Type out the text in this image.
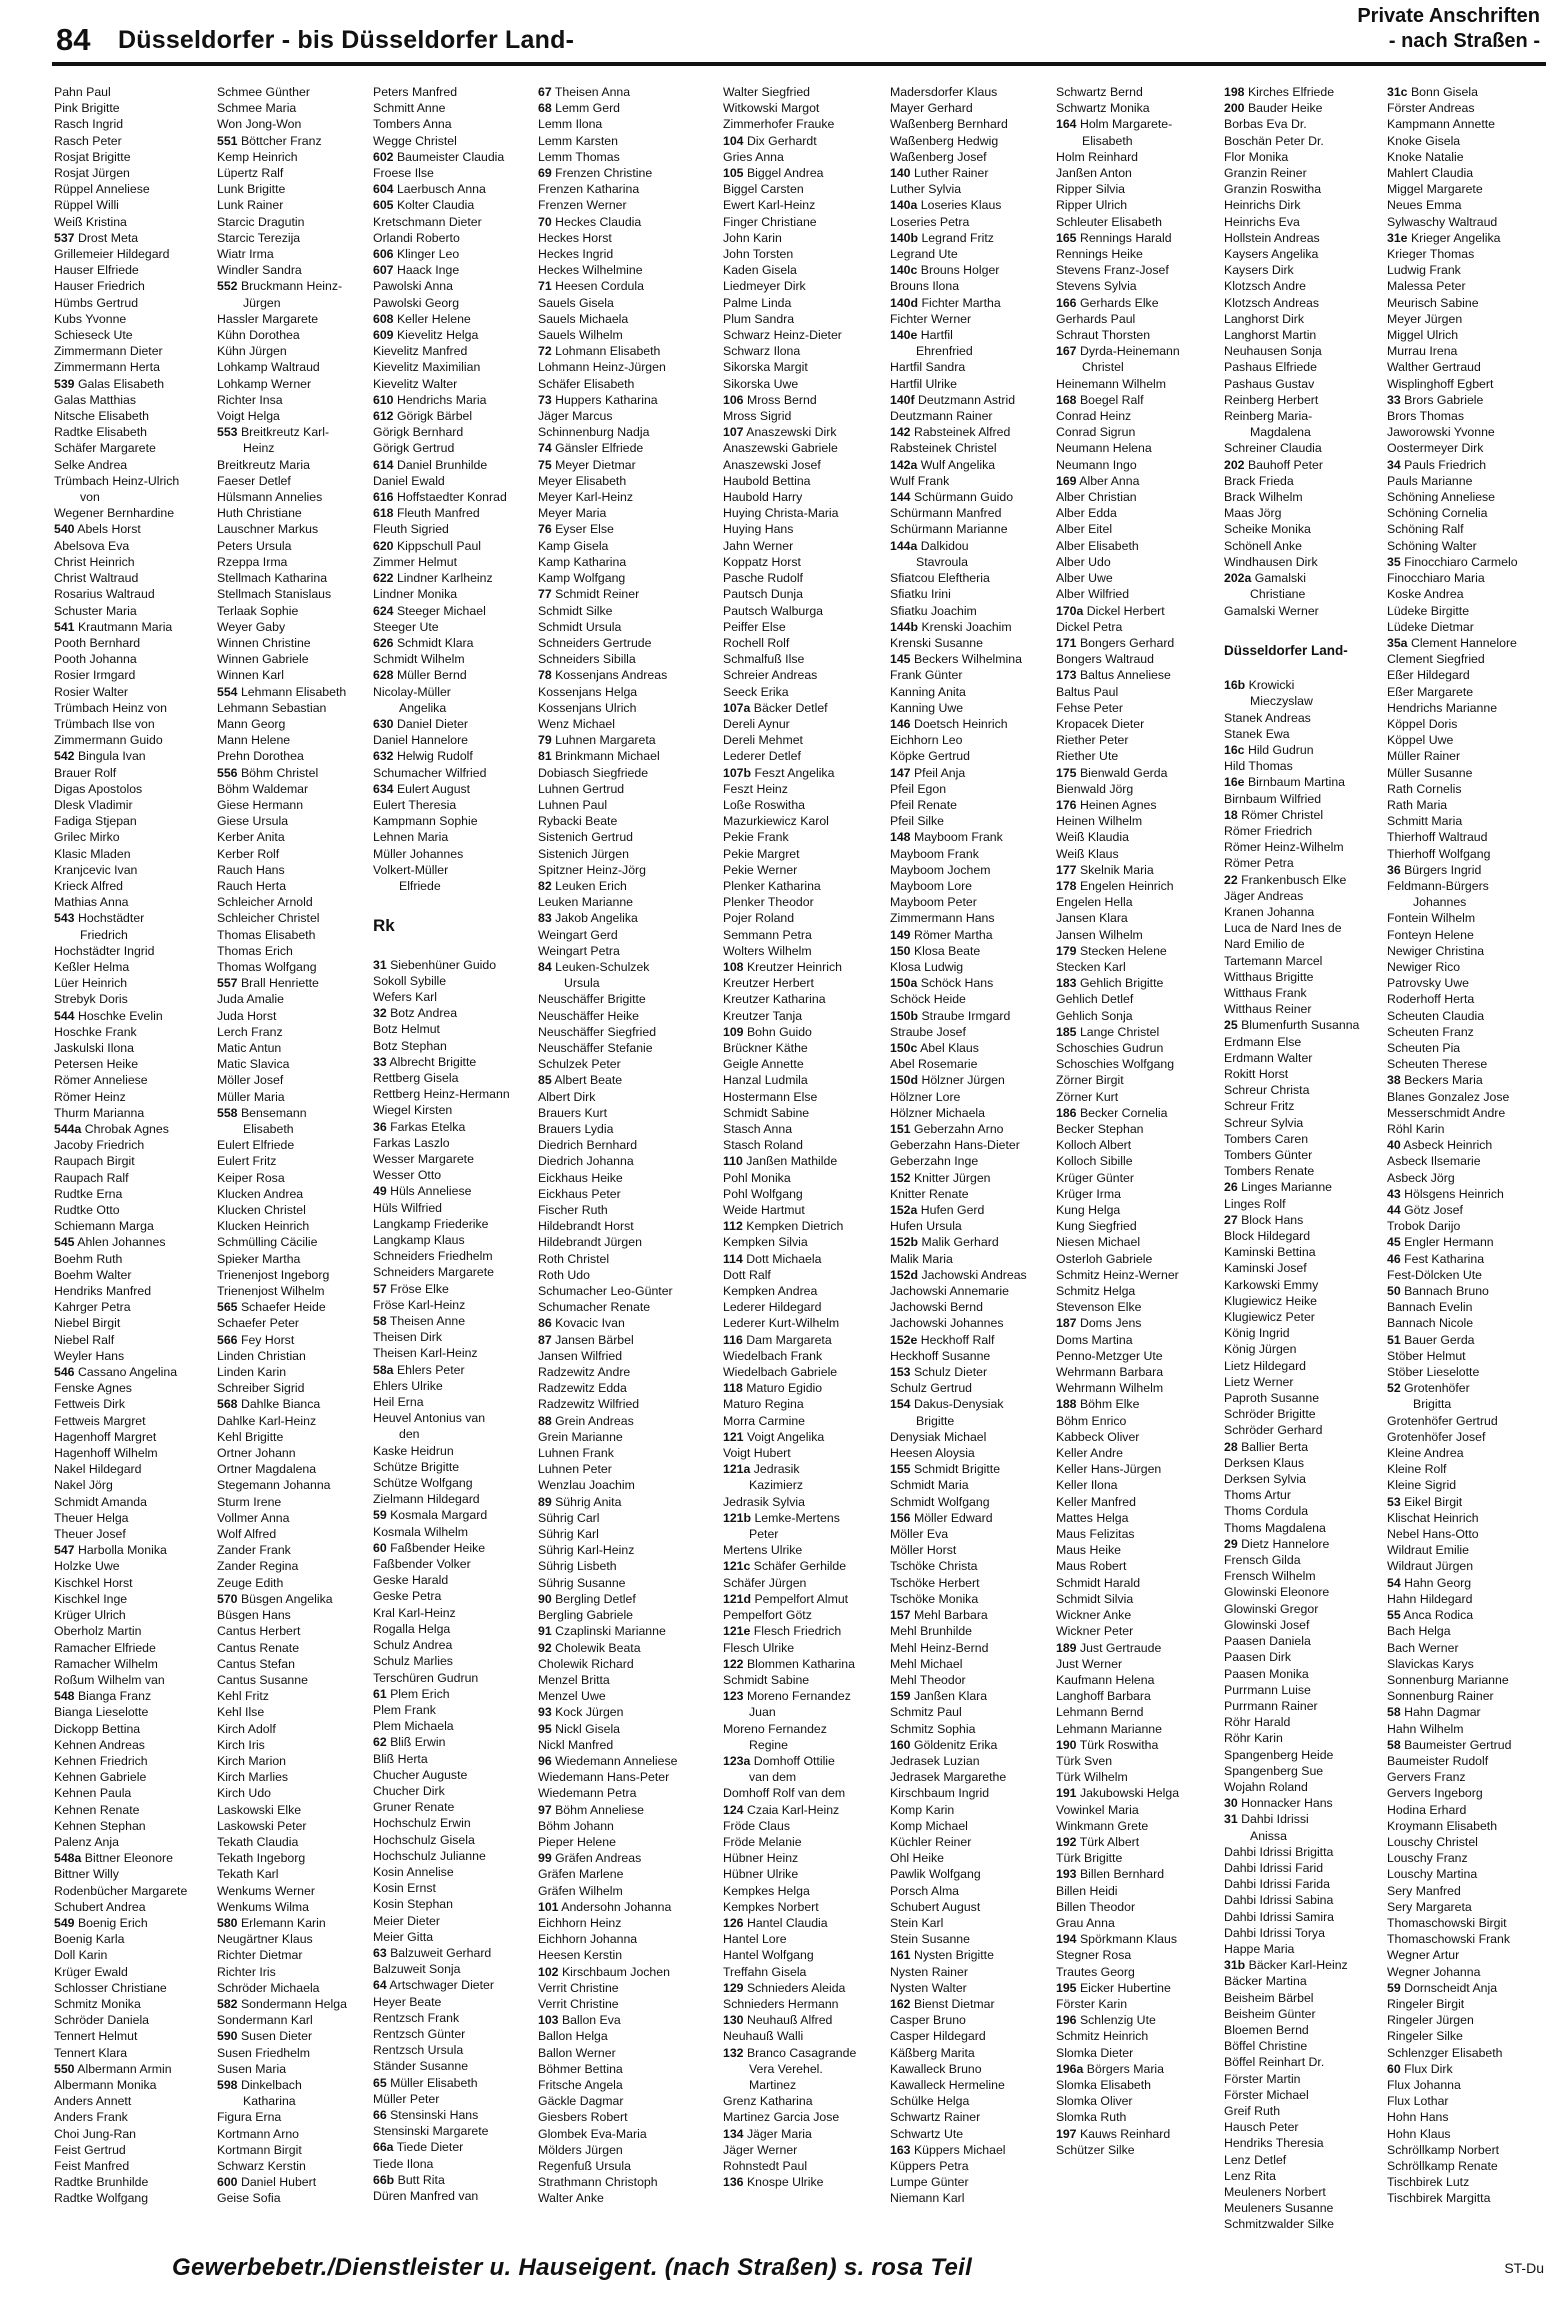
84 Düsseldorfer - bis Düsseldorfer Land-
Private Anschriften
- nach Straßen -
Pahn Paul
Pink Brigitte
Rasch Ingrid
Rasch Peter
Rosjat Brigitte
Rosjat Jürgen
Rüppel Anneliese
Rüppel Willi
Weiß Kristina
537 Drost Meta
Grillemeier Hildegard
Hauser Elfriede
Hauser Friedrich
Hümbs Gertrud
Kubs Yvonne
Schieseck Ute
Zimmermann Dieter
Zimmermann Herta
539 Galas Elisabeth
Galas Matthias
Nitsche Elisabeth
Radtke Elisabeth
Schäfer Margarete
Selke Andrea
Trümbach Heinz-Ulrich
von
Wegener Bernhardine
540 Abels Horst
Abelsova Eva
Christ Heinrich
Christ Waltraud
Rosarius Waltraud
Schuster Maria
541 Krautmann Maria
Pooth Bernhard
Pooth Johanna
Rosier Irmgard
Rosier Walter
Trümbach Heinz von
Trümbach Ilse von
Zimmermann Guido
542 Bingula Ivan
Brauer Rolf
Digas Apostolos
Dlesk Vladimir
Fadiga Stjepan
Grilec Mirko
Klasic Mladen
Kranjcevic Ivan
Krieck Alfred
Mathias Anna
543 Hochstädter
Friedrich
Hochstädter Ingrid
Keßler Helma
Lüer Heinrich
Strebyk Doris
544 Hoschke Evelin
Hoschke Frank
Jaskulski Ilona
Petersen Heike
Römer Anneliese
Römer Heinz
Thurm Marianna
544a Chrobak Agnes
Jacoby Friedrich
Raupach Birgit
Raupach Ralf
Rudtke Erna
Rudtke Otto
Schiemann Marga
545 Ahlen Johannes
Boehm Ruth
Boehm Walter
Hendriks Manfred
Kahrger Petra
Niebel Birgit
Niebel Ralf
Weyler Hans
546 Cassano Angelina
Fenske Agnes
Fettweis Dirk
Fettweis Margret
Hagenhoff Margret
Hagenhoff Wilhelm
Nakel Hildegard
Nakel Jörg
Schmidt Amanda
Theuer Helga
Theuer Josef
547 Harbolla Monika
Holzke Uwe
Kischkel Horst
Kischkel Inge
Krüger Ulrich
Oberholz Martin
Ramacher Elfriede
Ramacher Wilhelm
Roßum Wilhelm van
548 Bianga Franz
Bianga Lieselotte
Dickopp Bettina
Kehnen Andreas
Kehnen Friedrich
Kehnen Gabriele
Kehnen Paula
Kehnen Renate
Kehnen Stephan
Palenz Anja
548a Bittner Eleonore
Bittner Willy
Rodenbücher Margarete
Schubert Andrea
549 Boenig Erich
Boenig Karla
Doll Karin
Krüger Ewald
Schlosser Christiane
Schmitz Monika
Schröder Daniela
Tennert Helmut
Tennert Klara
550 Albermann Armin
Albermann Monika
Anders Annett
Anders Frank
Choi Jung-Ran
Feist Gertrud
Feist Manfred
Radtke Brunhilde
Radtke Wolfgang
Schmee Günther
Schmee Maria
Won Jong-Won
551 Böttcher Franz
Kemp Heinrich
Lüpertz Ralf
Lunk Brigitte
Lunk Rainer
Starcic Dragutin
Starcic Terezija
Wiatr Irma
Windler Sandra
552 Bruckmann Heinz-
Jürgen
Hassler Margarete
Kühn Dorothea
Kühn Jürgen
Lohkamp Waltraud
Lohkamp Werner
Richter Insa
Voigt Helga
553 Breitkreutz Karl-
Heinz
Breitkreutz Maria
Faeser Detlef
Hülsmann Annelies
Huth Christiane
Lauschner Markus
Peters Ursula
Rzeppa Irma
Stellmach Katharina
Stellmach Stanislaus
Terlaak Sophie
Weyer Gaby
Winnen Christine
Winnen Gabriele
Winnen Karl
554 Lehmann Elisabeth
Lehmann Sebastian
Mann Georg
Mann Helene
Prehn Dorothea
556 Böhm Christel
Böhm Waldemar
Giese Hermann
Giese Ursula
Kerber Anita
Kerber Rolf
Rauch Hans
Rauch Herta
Schleicher Arnold
Schleicher Christel
Thomas Elisabeth
Thomas Erich
Thomas Wolfgang
557 Brall Henriette
Juda Amalie
Juda Horst
Lerch Franz
Matic Antun
Matic Slavica
Möller Josef
Müller Maria
558 Bensemann
Elisabeth
Eulert Elfriede
Eulert Fritz
Keiper Rosa
Klucken Andrea
Klucken Christel
Klucken Heinrich
Schmülling Cäcilie
Spieker Martha
Trienenjost Ingeborg
Trienenjost Wilhelm
565 Schaefer Heide
Schaefer Peter
566 Fey Horst
Linden Christian
Linden Karin
Schreiber Sigrid
568 Dahlke Bianca
Dahlke Karl-Heinz
Kehl Brigitte
Ortner Johann
Ortner Magdalena
Stegemann Johanna
Sturm Irene
Vollmer Anna
Wolf Alfred
Zander Frank
Zander Regina
Zeuge Edith
570 Büsgen Angelika
Büsgen Hans
Cantus Herbert
Cantus Renate
Cantus Stefan
Cantus Susanne
Kehl Fritz
Kehl Ilse
Kirch Adolf
Kirch Iris
Kirch Marion
Kirch Marlies
Kirch Udo
Laskowski Elke
Laskowski Peter
Tekath Claudia
Tekath Ingeborg
Tekath Karl
Wenkums Werner
Wenkums Wilma
580 Erlemann Karin
Neugärtner Klaus
Richter Dietmar
Richter Iris
Schröder Michaela
582 Sondermann Helga
Sondermann Karl
590 Susen Dieter
Susen Friedhelm
Susen Maria
598 Dinkelbach
Katharina
Figura Erna
Kortmann Arno
Kortmann Birgit
Schwarz Kerstin
600 Daniel Hubert
Geise Sofia
Peters Manfred
Schmitt Anne
Tombers Anna
Wegge Christel
602 Baumeister Claudia
Froese Ilse
604 Laerbusch Anna
605 Kolter Claudia
Kretschmann Dieter
Orlandi Roberto
606 Klinger Leo
607 Haack Inge
Pawolski Anna
Pawolski Georg
608 Keller Helene
609 Kievelitz Helga
Kievelitz Manfred
Kievelitz Maximilian
Kievelitz Walter
610 Hendrichs Maria
612 Görigk Bärbel
Görigk Bernhard
Görigk Gertrud
614 Daniel Brunhilde
Daniel Ewald
616 Hoffstaedter Konrad
618 Fleuth Manfred
Fleuth Sigried
620 Kippschull Paul
Zimmer Helmut
622 Lindner Karlheinz
Lindner Monika
624 Steeger Michael
Steeger Ute
626 Schmidt Klara
Schmidt Wilhelm
628 Müller Bernd
Nicolay-Müller
Angelika
630 Daniel Dieter
Daniel Hannelore
632 Helwig Rudolf
Schumacher Wilfried
634 Eulert August
Eulert Theresia
Kampmann Sophie
Lehnen Maria
Müller Johannes
Volkert-Müller
Elfriede

Rk

31 Siebenhüner Guido
Sokoll Sybille
Wefers Karl
32 Botz Andrea
Botz Helmut
Botz Stephan
33 Albrecht Brigitte
Rettberg Gisela
Rettberg Heinz-Hermann
Wiegel Kirsten
36 Farkas Etelka
Farkas Laszlo
Wesser Margarete
Wesser Otto
49 Hüls Anneliese
Hüls Wilfried
Langkamp Friederike
Langkamp Klaus
Schneiders Friedhelm
Schneiders Margarete
57 Fröse Elke
Fröse Karl-Heinz
58 Theisen Anne
Theisen Dirk
Theisen Karl-Heinz
58a Ehlers Peter
Ehlers Ulrike
Heil Erna
Heuvel Antonius van
den
Kaske Heidrun
Schütze Brigitte
Schütze Wolfgang
Zielmann Hildegard
59 Kosmala Margard
Kosmala Wilhelm
60 Faßbender Heike
Faßbender Volker
Geske Harald
Geske Petra
Kral Karl-Heinz
Rogalla Helga
Schulz Andrea
Schulz Marlies
Terschüren Gudrun
61 Plem Erich
Plem Frank
Plem Michaela
62 Bliß Erwin
Bliß Herta
Chucher Auguste
Chucher Dirk
Gruner Renate
Hochschulz Erwin
Hochschulz Gisela
Hochschulz Julianne
Kosin Annelise
Kosin Ernst
Kosin Stephan
Meier Dieter
Meier Gitta
63 Balzuweit Gerhard
Balzuweit Sonja
64 Artschwager Dieter
Heyer Beate
Rentzsch Frank
Rentzsch Günter
Rentzsch Ursula
Ständer Susanne
65 Müller Elisabeth
Müller Peter
66 Stensinski Hans
Stensinski Margarete
66a Tiede Dieter
Tiede Ilona
66b Butt Rita
Düren Manfred van
67 Theisen Anna
68 Lemm Gerd
Lemm Ilona
Lemm Karsten
Lemm Thomas
69 Frenzen Christine
Frenzen Katharina
Frenzen Werner
70 Heckes Claudia
Heckes Horst
Heckes Ingrid
Heckes Wilhelmine
71 Heesen Cordula
Sauels Gisela
Sauels Michaela
Sauels Wilhelm
72 Lohmann Elisabeth
Lohmann Heinz-Jürgen
Schäfer Elisabeth
73 Huppers Katharina
Jäger Marcus
Schinnenburg Nadja
74 Gänsler Elfriede
75 Meyer Dietmar
Meyer Elisabeth
Meyer Karl-Heinz
Meyer Maria
76 Eyser Else
Kamp Gisela
Kamp Katharina
Kamp Wolfgang
77 Schmidt Reiner
Schmidt Silke
Schmidt Ursula
Schneiders Gertrude
Schneiders Sibilla
78 Kossenjans Andreas
Kossenjans Helga
Kossenjans Ulrich
Wenz Michael
79 Luhnen Margareta
81 Brinkmann Michael
Dobiasch Siegfriede
Luhnen Gertrud
Luhnen Paul
Rybacki Beate
Sistenich Gertrud
Sistenich Jürgen
Spitzner Heinz-Jörg
82 Leuken Erich
Leuken Marianne
83 Jakob Angelika
Weingart Gerd
Weingart Petra
84 Leuken-Schulzek
Ursula
Neuschäffer Brigitte
Neuschäffer Heike
Neuschäffer Siegfried
Neuschäffer Stefanie
Schulzek Peter
85 Albert Beate
Albert Dirk
Brauers Kurt
Brauers Lydia
Diedrich Bernhard
Diedrich Johanna
Eickhaus Heike
Eickhaus Peter
Fischer Ruth
Hildebrandt Horst
Hildebrandt Jürgen
Roth Christel
Roth Udo
Schumacher Leo-Günter
Schumacher Renate
86 Kovacic Ivan
87 Jansen Bärbel
Jansen Wilfried
Radzewitz Andre
Radzewitz Edda
Radzewitz Wilfried
88 Grein Andreas
Grein Marianne
Luhnen Frank
Luhnen Peter
Wenzlau Joachim
89 Sührig Anita
Sührig Carl
Sührig Karl
Sührig Karl-Heinz
Sührig Lisbeth
Sührig Susanne
90 Bergling Detlef
Bergling Gabriele
91 Czaplinski Marianne
92 Cholewik Beata
Cholewik Richard
Menzel Britta
Menzel Uwe
93 Kock Jürgen
95 Nickl Gisela
Nickl Manfred
96 Wiedemann Anneliese
Wiedemann Hans-Peter
Wiedemann Petra
97 Böhm Anneliese
Böhm Johann
Pieper Helene
99 Gräfen Andreas
Gräfen Marlene
Gräfen Wilhelm
101 Andersohn Johanna
Eichhorn Heinz
Eichhorn Johanna
Heesen Kerstin
102 Kirschbaum Jochen
Verrit Christine
Verrit Christine
103 Ballon Eva
Ballon Helga
Ballon Werner
Böhmer Bettina
Fritsche Angela
Gäckle Dagmar
Giesbers Robert
Glombek Eva-Maria
Mölders Jürgen
Regenfuß Ursula
Strathmann Christoph
Walter Anke
Walter Siegfried
Witkowski Margot
Zimmerhofer Frauke
104 Dix Gerhardt
Gries Anna
105 Biggel Andrea
Biggel Carsten
Ewert Karl-Heinz
Finger Christiane
John Karin
John Torsten
Kaden Gisela
Liedmeyer Dirk
Palme Linda
Plum Sandra
Schwarz Heinz-Dieter
Schwarz Ilona
Sikorska Margit
Sikorska Uwe
106 Mross Bernd
Mross Sigrid
107 Anaszewski Dirk
Anaszewski Gabriele
Anaszewski Josef
Haubold Bettina
Haubold Harry
Huying Christa-Maria
Huying Hans
Jahn Werner
Koppatz Horst
Pasche Rudolf
Pautsch Dunja
Pautsch Walburga
Peiffer Else
Rochell Rolf
Schmalfuß Ilse
Schreier Andreas
Seeck Erika
107a Bäcker Detlef
Dereli Aynur
Dereli Mehmet
Lederer Detlef
107b Feszt Angelika
Feszt Heinz
Loße Roswitha
Mazurkiewicz Karol
Pekie Frank
Pekie Margret
Pekie Werner
Plenker Katharina
Plenker Theodor
Pojer Roland
Semmann Petra
Wolters Wilhelm
108 Kreutzer Heinrich
Kreutzer Herbert
Kreutzer Katharina
Kreutzer Tanja
109 Bohn Guido
Brückner Käthe
Geigle Annette
Hanzal Ludmila
Hostermann Else
Schmidt Sabine
Stasch Anna
Stasch Roland
110 Janßen Mathilde
Pohl Monika
Pohl Wolfgang
Weide Hartmut
112 Kempken Dietrich
Kempken Silvia
114 Dott Michaela
Dott Ralf
Kempken Andrea
Lederer Hildegard
Lederer Kurt-Wilhelm
116 Dam Margareta
Wiedelbach Frank
Wiedelbach Gabriele
118 Maturo Egidio
Maturo Regina
Morra Carmine
121 Voigt Angelika
Voigt Hubert
121a Jedrasik
Kazimierz
Jedrasik Sylvia
121b Lemke-Mertens
Peter
Mertens Ulrike
121c Schäfer Gerhilde
Schäfer Jürgen
121d Pempelfort Almut
Pempelfort Götz
121e Flesch Friedrich
Flesch Ulrike
122 Blommen Katharina
Schmidt Sabine
123 Moreno Fernandez
Juan
Moreno Fernandez
Regine
123a Domhoff Ottilie
van dem
Domhoff Rolf van dem
124 Czaia Karl-Heinz
Fröde Claus
Fröde Melanie
Hübner Heinz
Hübner Ulrike
Kempkes Helga
Kempkes Norbert
126 Hantel Claudia
Hantel Lore
Hantel Wolfgang
Treffahn Gisela
129 Schnieders Aleida
Schnieders Hermann
130 Neuhauß Alfred
Neuhauß Walli
132 Branco Casagrande
Vera Verehel.
Martinez
Grenz Katharina
Martinez Garcia Jose
134 Jäger Maria
Jäger Werner
Rohnstedt Paul
136 Knospe Ulrike
Madersdorfer Klaus
Mayer Gerhard
Waßenberg Bernhard
Waßenberg Hedwig
Waßenberg Josef
140 Luther Rainer
Luther Sylvia
140a Loseries Klaus
Loseries Petra
140b Legrand Fritz
Legrand Ute
140c Brouns Holger
Brouns Ilona
140d Fichter Martha
Fichter Werner
140e Hartfil
Ehrenfried
Hartfil Sandra
Hartfil Ulrike
140f Deutzmann Astrid
Deutzmann Rainer
142 Rabsteinek Alfred
Rabsteinek Christel
142a Wulf Angelika
Wulf Frank
144 Schürmann Guido
Schürmann Manfred
Schürmann Marianne
144a Dalkidou
Stavroula
Sfiatcou Eleftheria
Sfiatku Irini
Sfiatku Joachim
144b Krenski Joachim
Krenski Susanne
145 Beckers Wilhelmina
Frank Günter
Kanning Anita
Kanning Uwe
146 Doetsch Heinrich
Eichhorn Leo
Köpke Gertrud
147 Pfeil Anja
Pfeil Egon
Pfeil Renate
Pfeil Silke
148 Mayboom Frank
Mayboom Frank
Mayboom Jochem
Mayboom Lore
Mayboom Peter
Zimmermann Hans
149 Römer Martha
150 Klosa Beate
Klosa Ludwig
150a Schöck Hans
Schöck Heide
150b Straube Irmgard
Straube Josef
150c Abel Klaus
Abel Rosemarie
150d Hölzner Jürgen
Hölzner Lore
Hölzner Michaela
151 Geberzahn Arno
Geberzahn Hans-Dieter
Geberzahn Inge
152 Knitter Jürgen
Knitter Renate
152a Hufen Gerd
Hufen Ursula
152b Malik Gerhard
Malik Maria
152d Jachowski Andreas
Jachowski Annemarie
Jachowski Bernd
Jachowski Johannes
152e Heckhoff Ralf
Heckhoff Susanne
153 Schulz Dieter
Schulz Gertrud
154 Dakus-Denysiak
Brigitte
Denysiak Michael
Heesen Aloysia
155 Schmidt Brigitte
Schmidt Maria
Schmidt Wolfgang
156 Möller Edward
Möller Eva
Möller Horst
Tschöke Christa
Tschöke Herbert
Tschöke Monika
157 Mehl Barbara
Mehl Brunhilde
Mehl Heinz-Bernd
Mehl Michael
Mehl Theodor
159 Janßen Klara
Schmitz Paul
Schmitz Sophia
160 Göldenitz Erika
Jedrasek Luzian
Jedrasek Margarethe
Kirschbaum Ingrid
Komp Karin
Komp Michael
Küchler Reiner
Ohl Heike
Pawlik Wolfgang
Porsch Alma
Schubert August
Stein Karl
Stein Susanne
161 Nysten Brigitte
Nysten Rainer
Nysten Walter
162 Bienst Dietmar
Casper Bruno
Casper Hildegard
Käßberg Marita
Kawalleck Bruno
Kawalleck Hermeline
Schülke Helga
Schwartz Rainer
Schwartz Ute
163 Küppers Michael
Küppers Petra
Lumpe Günter
Niemann Karl
Schwartz Bernd
Schwartz Monika
164 Holm Margarete-
Elisabeth
Holm Reinhard
Janßen Anton
Ripper Silvia
Ripper Ulrich
Schleuter Elisabeth
165 Rennings Harald
Rennings Heike
Stevens Franz-Josef
Stevens Sylvia
166 Gerhards Elke
Gerhards Paul
Schraut Thorsten
167 Dyrda-Heinemann
Christel
Heinemann Wilhelm
168 Boegel Ralf
Conrad Heinz
Conrad Sigrun
Neumann Helena
Neumann Ingo
169 Alber Anna
Alber Christian
Alber Edda
Alber Eitel
Alber Elisabeth
Alber Udo
Alber Uwe
Alber Wilfried
170a Dickel Herbert
Dickel Petra
171 Bongers Gerhard
Bongers Waltraud
173 Baltus Anneliese
Baltus Paul
Fehse Peter
Kropacek Dieter
Riether Peter
Riether Ute
175 Bienwald Gerda
Bienwald Jörg
176 Heinen Agnes
Heinen Wilhelm
Weiß Klaudia
Weiß Klaus
177 Skelnik Maria
178 Engelen Heinrich
Engelen Hella
Jansen Klara
Jansen Wilhelm
179 Stecken Helene
Stecken Karl
183 Gehlich Brigitte
Gehlich Detlef
Gehlich Sonja
185 Lange Christel
Schoschies Gudrun
Schoschies Wolfgang
Zörner Birgit
Zörner Kurt
186 Becker Cornelia
Becker Stephan
Kolloch Albert
Kolloch Sibille
Krüger Günter
Krüger Irma
Kung Helga
Kung Siegfried
Niesen Michael
Osterloh Gabriele
Schmitz Heinz-Werner
Schmitz Helga
Stevenson Elke
187 Doms Jens
Doms Martina
Penno-Metzger Ute
Wehrmann Barbara
Wehrmann Wilhelm
188 Böhm Elke
Böhm Enrico
Kabbeck Oliver
Keller Andre
Keller Hans-Jürgen
Keller Ilona
Keller Manfred
Mattes Helga
Maus Felizitas
Maus Heike
Maus Robert
Schmidt Harald
Schmidt Silvia
Wickner Anke
Wickner Peter
189 Just Gertraude
Just Werner
Kaufmann Helena
Langhoff Barbara
Lehmann Bernd
Lehmann Marianne
190 Türk Roswitha
Türk Sven
Türk Wilhelm
191 Jakubowski Helga
Vowinkel Maria
Winkmann Grete
192 Türk Albert
Türk Brigitte
193 Billen Bernhard
Billen Heidi
Billen Theodor
Grau Anna
194 Spörkmann Klaus
Stegner Rosa
Trautes Georg
195 Eicker Hubertine
Förster Karin
196 Schlenzig Ute
Schmitz Heinrich
Slomka Dieter
196a Börgers Maria
Slomka Elisabeth
Slomka Oliver
Slomka Ruth
197 Kauws Reinhard
Schützer Silke
198 Kirches Elfriede
200 Bauder Heike
Borbas Eva Dr.
Boschän Peter Dr.
Flor Monika
Granzin Reiner
Granzin Roswitha
Heinrichs Dirk
Heinrichs Eva
Hollstein Andreas
Kaysers Angelika
Kaysers Dirk
Klotzsch Andre
Klotzsch Andreas
Langhorst Dirk
Langhorst Martin
Neuhausen Sonja
Pashaus Elfriede
Pashaus Gustav
Reinberg Herbert
Reinberg Maria-
Magdalena
Schreiner Claudia
202 Bauhoff Peter
Brack Frieda
Brack Wilhelm
Maas Jörg
Scheike Monika
Schönell Anke
Windhausen Dirk
202a Gamalski
Christiane
Gamalski Werner

Düsseldorfer Land-

16b Krowicki
Mieczyslaw
Stanek Andreas
Stanek Ewa
16c Hild Gudrun
Hild Thomas
16e Birnbaum Martina
Birnbaum Wilfried
18 Römer Christel
Römer Friedrich
Römer Heinz-Wilhelm
Römer Petra
22 Frankenbusch Elke
Jäger Andreas
Kranen Johanna
Luca de Nard Ines de
Nard Emilio de
Tartemann Marcel
Witthaus Brigitte
Witthaus Frank
Witthaus Reiner
25 Blumenfurth Susanna
Erdmann Else
Erdmann Walter
Rokitt Horst
Schreur Christa
Schreur Fritz
Schreur Sylvia
Tombers Caren
Tombers Günter
Tombers Renate
26 Linges Marianne
Linges Rolf
27 Block Hans
Block Hildegard
Kaminski Bettina
Kaminski Josef
Karkowski Emmy
Klugiewicz Heike
Klugiewicz Peter
König Ingrid
König Jürgen
Lietz Hildegard
Lietz Werner
Paproth Susanne
Schröder Brigitte
Schröder Gerhard
28 Ballier Berta
Derksen Klaus
Derksen Sylvia
Thoms Artur
Thoms Cordula
Thoms Magdalena
29 Dietz Hannelore
Frensch Gilda
Frensch Wilhelm
Glowinski Eleonore
Glowinski Gregor
Glowinski Josef
Paasen Daniela
Paasen Dirk
Paasen Monika
Purrmann Luise
Purrmann Rainer
Röhr Harald
Röhr Karin
Spangenberg Heide
Spangenberg Sue
Wojahn Roland
30 Honnacker Hans
31 Dahbi Idrissi
Anissa
Dahbi Idrissi Brigitta
Dahbi Idrissi Farid
Dahbi Idrissi Farida
Dahbi Idrissi Sabina
Dahbi Idrissi Samira
Dahbi Idrissi Torya
Happe Maria
31b Bäcker Karl-Heinz
Bäcker Martina
Beisheim Bärbel
Beisheim Günter
Bloemen Bernd
Böffel Christine
Böffel Reinhart Dr.
Förster Martin
Förster Michael
Greif Ruth
Hausch Peter
Hendriks Theresia
Lenz Detlef
Lenz Rita
Meuleners Norbert
Meuleners Susanne
Schmitzwalder Silke
31c Bonn Gisela
Förster Andreas
Kampmann Annette
Knoke Gisela
Knoke Natalie
Mahlert Claudia
Miggel Margarete
Neues Emma
Sylwaschy Waltraud
31e Krieger Angelika
Krieger Thomas
Ludwig Frank
Malessa Peter
Meurisch Sabine
Meyer Jürgen
Miggel Ulrich
Murrau Irena
Walther Gertraud
Wisplinghoff Egbert
33 Brors Gabriele
Brors Thomas
Jaworowski Yvonne
Oostermeyer Dirk
34 Pauls Friedrich
Pauls Marianne
Schöning Anneliese
Schöning Cornelia
Schöning Ralf
Schöning Walter
35 Finocchiaro Carmelo
Finocchiaro Maria
Koske Andrea
Lüdeke Birgitte
Lüdeke Dietmar
35a Clement Hannelore
Clement Siegfried
Eßer Hildegard
Eßer Margarete
Hendrichs Marianne
Köppel Doris
Köppel Uwe
Müller Rainer
Müller Susanne
Rath Cornelis
Rath Maria
Schmitt Maria
Thierhoff Waltraud
Thierhoff Wolfgang
36 Bürgers Ingrid
Feldmann-Bürgers
Johannes
Fontein Wilhelm
Fonteyn Helene
Newiger Christina
Newiger Rico
Patrovsky Uwe
Roderhoff Herta
Scheuten Claudia
Scheuten Franz
Scheuten Pia
Scheuten Therese
38 Beckers Maria
Blanes Gonzalez Jose
Messerschmidt Andre
Röhl Karin
40 Asbeck Heinrich
Asbeck Ilsemarie
Asbeck Jörg
43 Hölsgens Heinrich
44 Götz Josef
Trobok Darijo
45 Engler Hermann
46 Fest Katharina
Fest-Dölcken Ute
50 Bannach Bruno
Bannach Evelin
Bannach Nicole
51 Bauer Gerda
Stöber Helmut
Stöber Lieselotte
52 Grotenhöfer
Brigitta
Grotenhöfer Gertrud
Grotenhöfer Josef
Kleine Andrea
Kleine Rolf
Kleine Sigrid
53 Eikel Birgit
Klischat Heinrich
Nebel Hans-Otto
Wildraut Emilie
Wildraut Jürgen
54 Hahn Georg
Hahn Hildegard
55 Anca Rodica
Bach Helga
Bach Werner
Slavickas Karys
Sonnenburg Marianne
Sonnenburg Rainer
58 Hahn Dagmar
Hahn Wilhelm
58 Baumeister Gertrud
Baumeister Rudolf
Gervers Franz
Gervers Ingeborg
Hodina Erhard
Kroymann Elisabeth
Louschy Christel
Louschy Franz
Louschy Martina
Sery Manfred
Sery Margareta
Thomaschowski Birgit
Thomaschowski Frank
Wegner Artur
Wegner Johanna
59 Dornscheidt Anja
Ringeler Birgit
Ringeler Jürgen
Ringeler Silke
Schlenzger Elisabeth
60 Flux Dirk
Flux Johanna
Flux Lothar
Hohn Hans
Hohn Klaus
Schröllkamp Norbert
Schröllkamp Renate
Tischbirek Lutz
Tischbirek Margitta
Gewerbebetr./Dienstleister u. Hauseigent. (nach Straßen) s. rosa Teil	ST-Du
